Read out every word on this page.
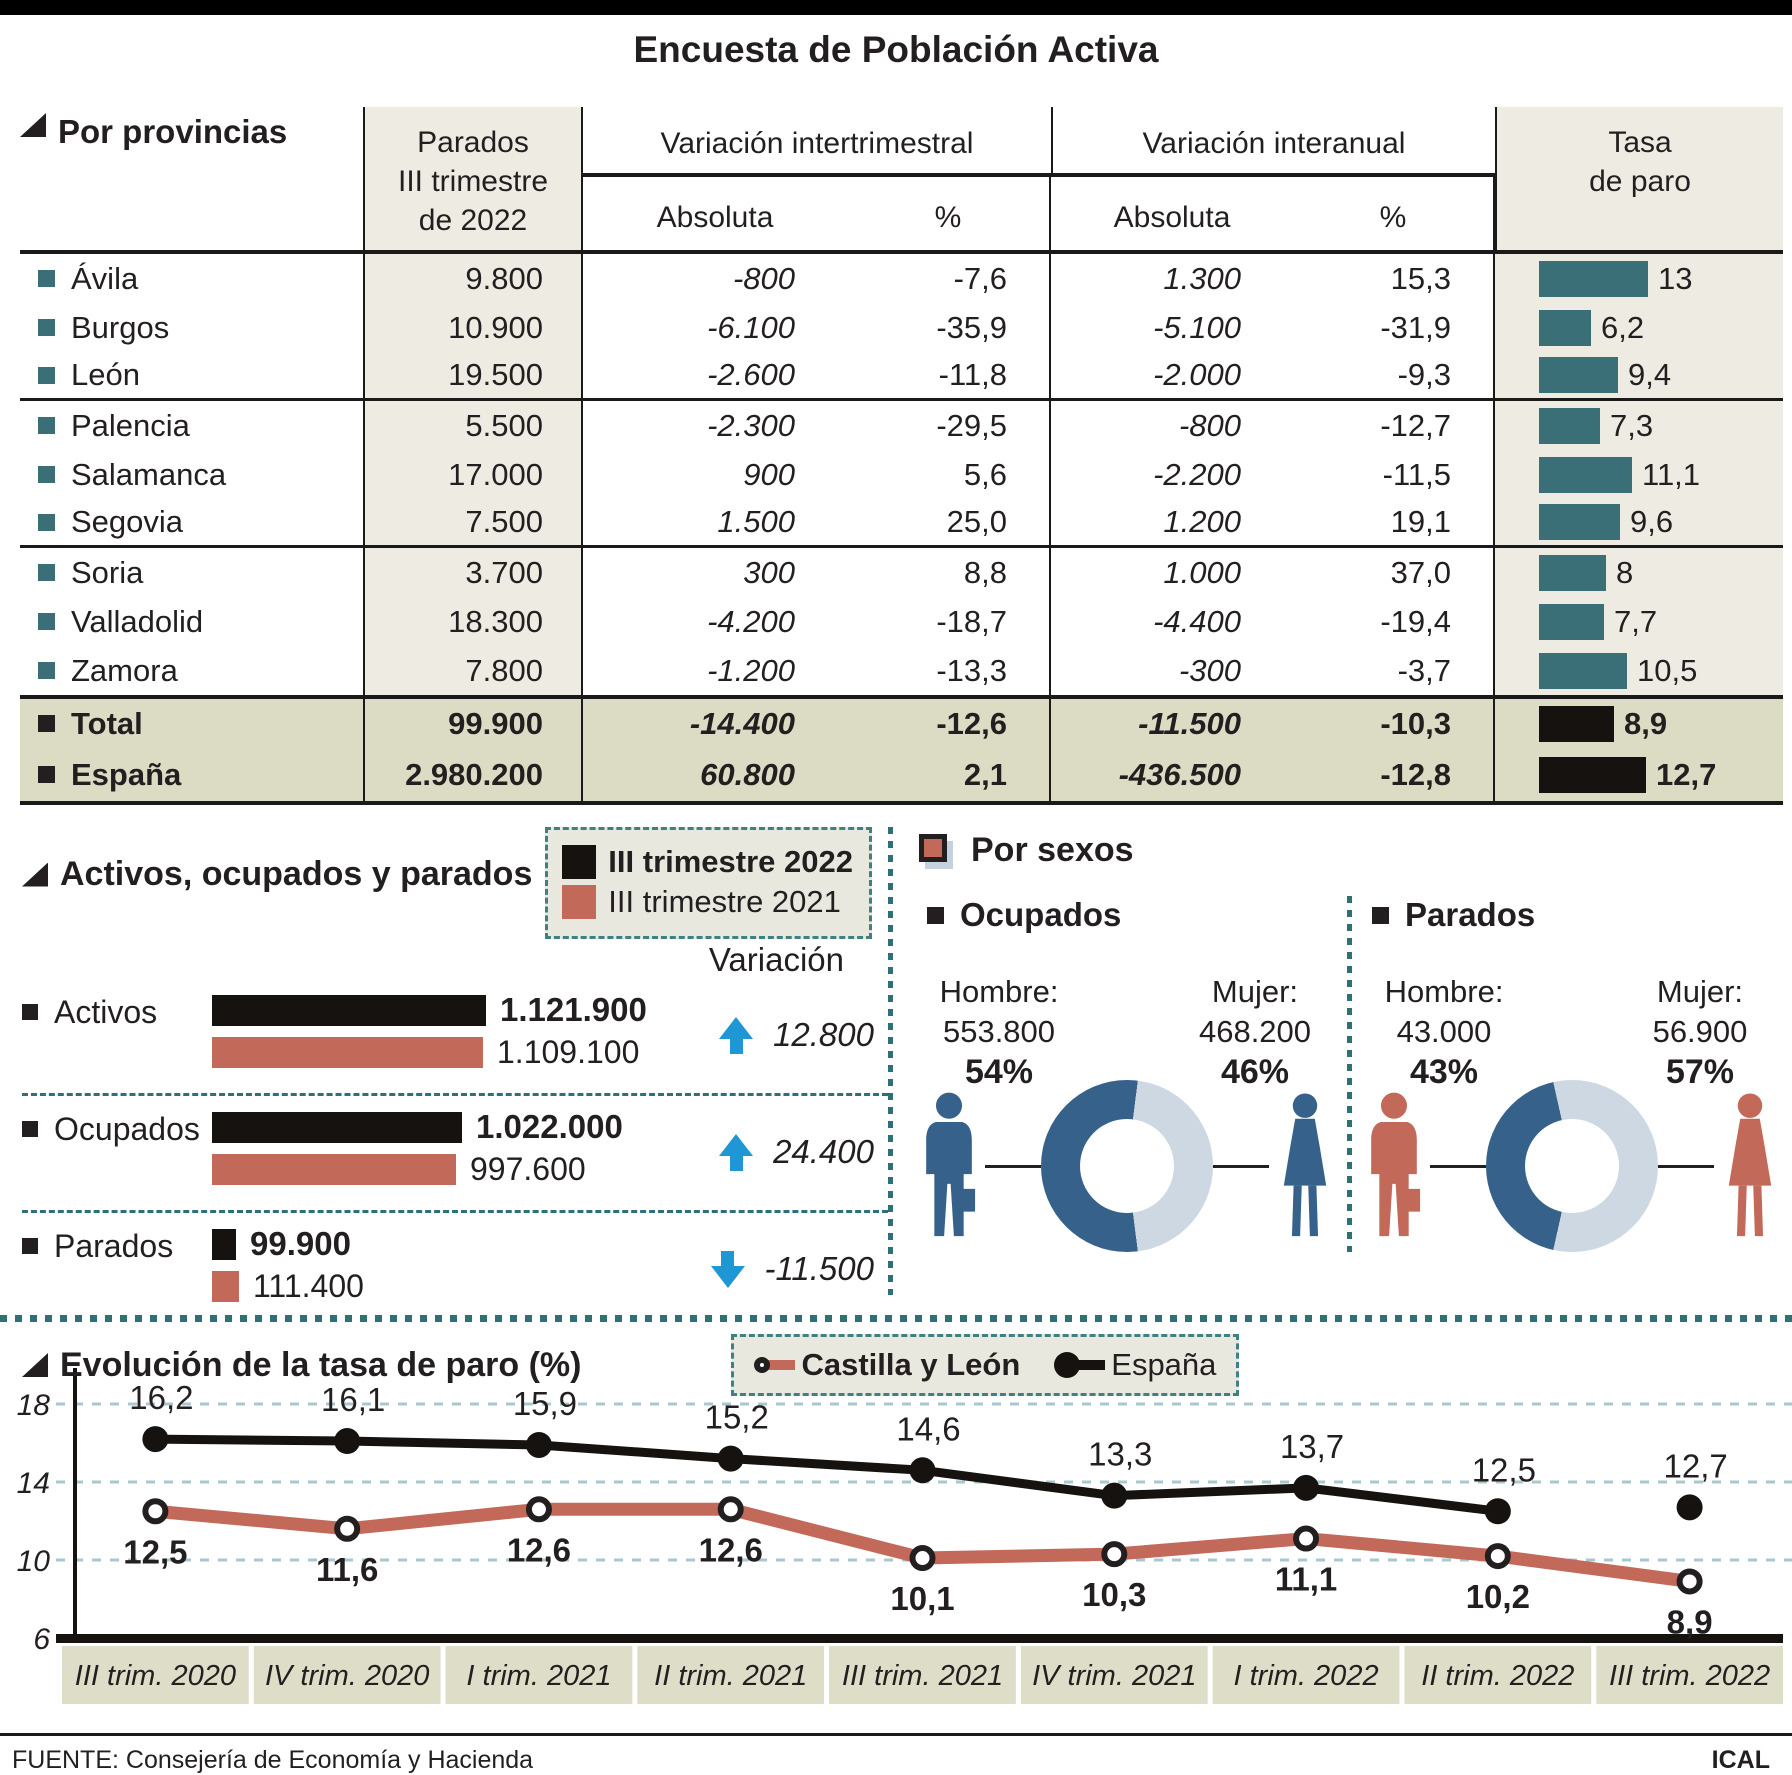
Encuesta de Población Activa
Por provincias	Parados
III trimestre
de 2022
Variación intertrimestral	Variación interanual
Absoluta	%	Absoluta	%
Tasa
de paro
Ávila	9.800	-800	-7,6	1.300	15,3	13
Burgos	10.900	-6.100	-35,9	-5.100	-31,9	6,2
León	19.500	-2.600	-11,8	-2.000	-9,3	9,4
Palencia	5.500	-2.300	-29,5	-800	-12,7	7,3
Salamanca	17.000	900	5,6	-2.200	-11,5	11,1
Segovia	7.500	1.500	25,0	1.200	19,1	9,6
Soria	3.700	300	8,8	1.000	37,0	8
Valladolid	18.300	-4.200	-18,7	-4.400	-19,4	7,7
Zamora	7.800	-1.200	-13,3	-300	-3,7	10,5
Total	99.900	-14.400	-12,6	-11.500	-10,3	8,9
España	2.980.200	60.800	2,1	-436.500	-12,8	12,7
Activos, ocupados y parados III trimestre 2022
III trimestre 2021
Variación
Activos	1.121.900
1.109.100	12.800
Ocupados	1.022.000
997.600	24.400
Parados 99.900
111.400	-11.500
Por sexos
Ocupados
Hombre:
553.800
54%
Mujer:
468.200
46%
Parados
Hombre:
43.000
43%
Mujer:
56.900
57%
Evolución de la tasa de paro (%)	Castilla y León	España
18
14
10
6
III trim. 2020 IV trim. 2020 I trim. 2021 II trim. 2021 III trim. 2021 IV trim. 2021 I trim. 2022 II trim. 2022 III trim. 2022
16,2	16,1	15,9	15,2	14,6
13,3	13,7
12,5	12,7
12,5	11,6
12,6	12,6
10,1	10,3	11,1	10,2
8,9
FUENTE: Consejería de Economía y Hacienda	ICAL
